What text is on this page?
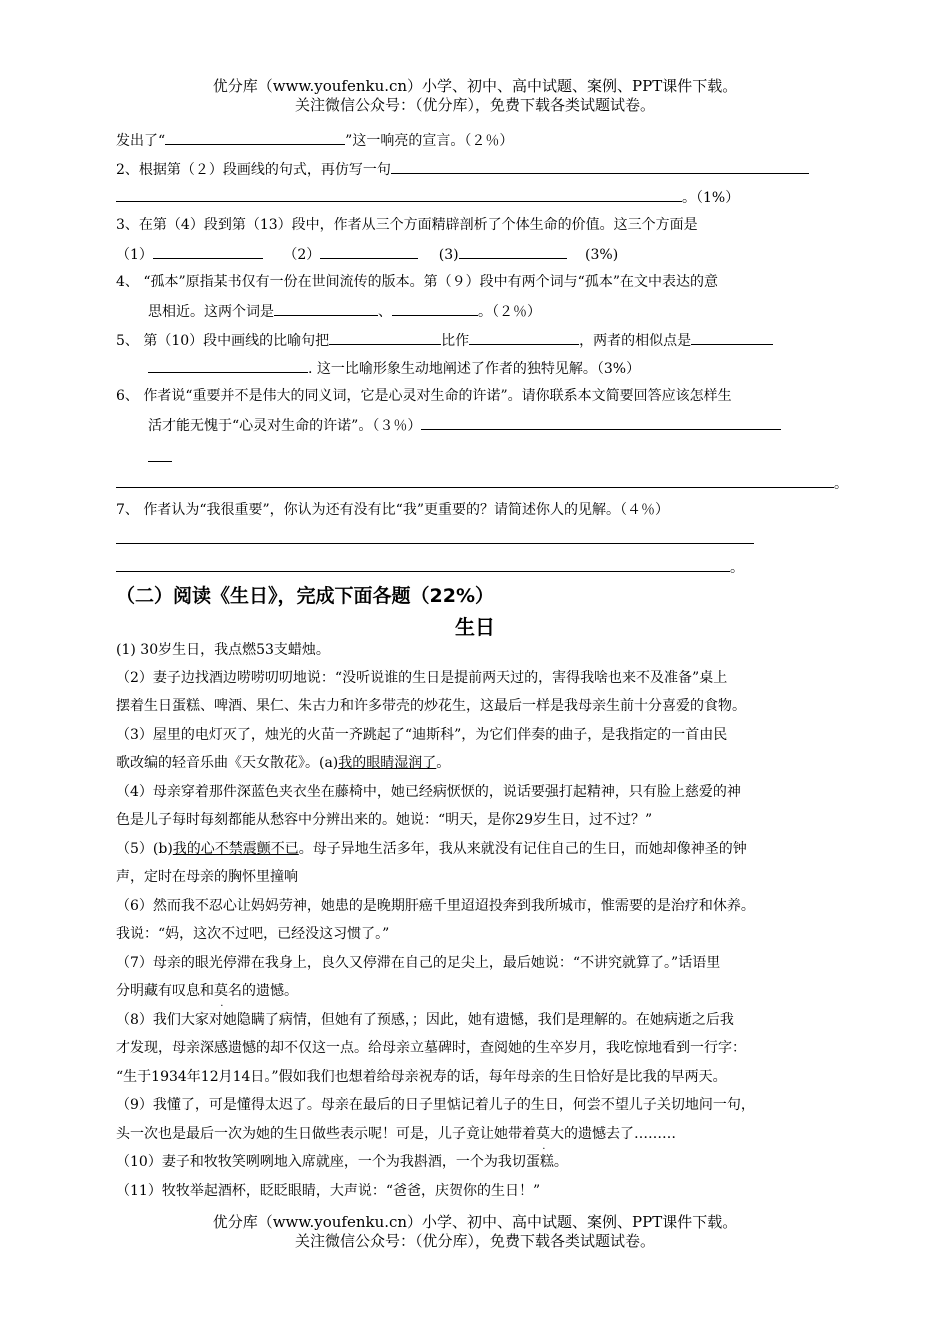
优分库（www.youfenku.cn）小学、初中、高中试题、案例、PPT课件下载。
关注微信公众号：（优分库），免费下载各类试题试卷。
发出了“	”这一响亮的宣言。（２％）
2、根据第（２）段画线的句式，再仿写一句
。（1%）
3、在第（4）段到第（13）段中，作者从三个方面精辟剖析了个体生命的价值。这三个方面是
（1）	（2）	(3)	(3%)
4、 “孤本”原指某书仅有一份在世间流传的版本。第（９）段中有两个词与“孤本”在文中表达的意
思相近。这两个词是	、	。（２％）
5、 第（10）段中画线的比喻句把	比作	，两者的相似点是
. 这一比喻形象生动地阐述了作者的独特见解。（3%）
6、 作者说“重要并不是伟大的同义词，它是心灵对生命的许诺”。请你联系本文简要回答应该怎样生
活才能无愧于“心灵对生命的许诺”。（３％）
。
7、 作者认为“我很重要”，你认为还有没有比“我”更重要的？请简述你人的见解。（４％）
。
（二）阅读《生日》，完成下面各题（22%）
生日
(1) 30岁生日，我点燃53支蜡烛。
（2）妻子边找酒边唠唠叨叨地说：“没听说谁的生日是提前两天过的，害得我啥也来不及准备”桌上
摆着生日蛋糕、啤酒、果仁、朱古力和许多带壳的炒花生，这最后一样是我母亲生前十分喜爱的食物。
（3）屋里的电灯灭了，烛光的火苗一齐跳起了“迪斯科”，为它们伴奏的曲子，是我指定的一首由民
歌改编的轻音乐曲《天女散花》。(a)我的眼睛湿润了。
（4）母亲穿着那件深蓝色夹衣坐在藤椅中，她已经病恹恹的，说话要强打起精神，只有脸上慈爱的神
色是儿子每时每刻都能从愁容中分辨出来的。她说：“明天，是你29岁生日，过不过？”
（5）(b)我的心不禁震颤不已。母子异地生活多年，我从来就没有记住自己的生日，而她却像神圣的钟
声，定时在母亲的胸怀里撞响
（6）然而我不忍心让妈妈劳神，她患的是晚期肝癌千里迢迢投奔到我所城市，惟需要的是治疗和休养。
我说：“妈，这次不过吧，已经没这习惯了。”
（7）母亲的眼光停滞在我身上，良久又停滞在自己的足尖上，最后她说：“不讲究就算了。”话语里
分明藏有叹息和莫名的遗憾。
（8）我们大家对她隐瞒了病情，但她有了预感，；因此，她有遗憾，我们是理解的。在她病逝之后我
才发现，母亲深感遗憾的却不仅这一点。给母亲立墓碑时，查阅她的生卒岁月，我吃惊地看到一行字：
“生于1934年12月14日。”假如我们也想着给母亲祝寿的话，每年母亲的生日恰好是比我的早两天。
（9）我懂了，可是懂得太迟了。母亲在最后的日子里惦记着儿子的生日，何尝不望儿子关切地问一句，
头一次也是最后一次为她的生日做些表示呢！可是，儿子竟让她带着莫大的遗憾去了………
（10）妻子和牧牧笑咧咧地入席就座，一个为我斟酒，一个为我切蛋糕。
（11）牧牧举起酒杯，眨眨眼睛，大声说：“爸爸，庆贺你的生日！”
优分库（www.youfenku.cn）小学、初中、高中试题、案例、PPT课件下载。
关注微信公众号：（优分库），免费下载各类试题试卷。
